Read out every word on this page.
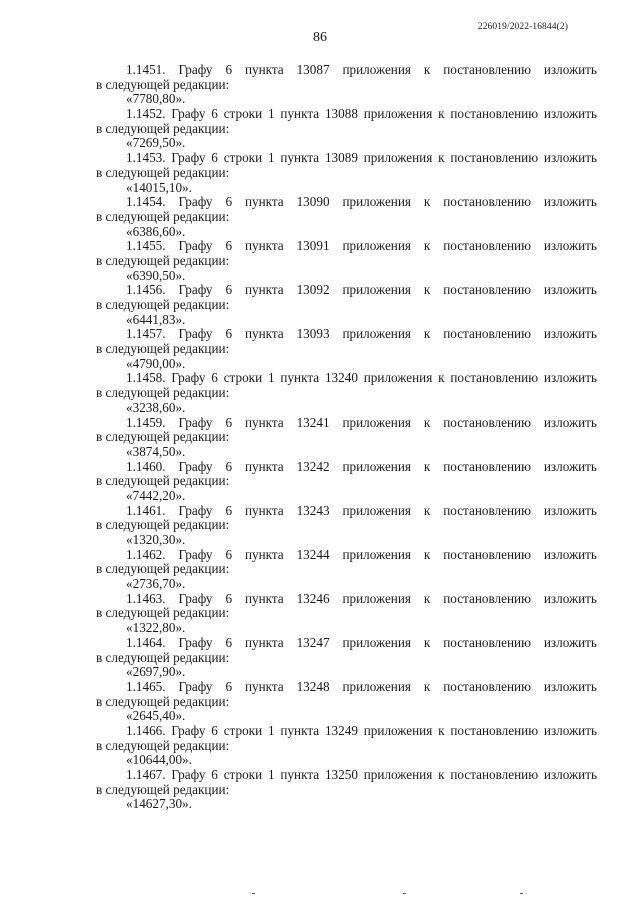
226019/2022-16844(2)
86
1.1451. Графу 6 пункта 13087 приложения к постановлению изложить
в следующей редакции:
«7780,80».
1.1452. Графу 6 строки 1 пункта 13088 приложения к постановлению изложить
в следующей редакции:
«7269,50».
1.1453. Графу 6 строки 1 пункта 13089 приложения к постановлению изложить
в следующей редакции:
«14015,10».
1.1454. Графу 6 пункта 13090 приложения к постановлению изложить
в следующей редакции:
«6386,60».
1.1455. Графу 6 пункта 13091 приложения к постановлению изложить
в следующей редакции:
«6390,50».
1.1456. Графу 6 пункта 13092 приложения к постановлению изложить
в следующей редакции:
«6441,83».
1.1457. Графу 6 пункта 13093 приложения к постановлению изложить
в следующей редакции:
«4790,00».
1.1458. Графу 6 строки 1 пункта 13240 приложения к постановлению изложить
в следующей редакции:
«3238,60».
1.1459. Графу 6 пункта 13241 приложения к постановлению изложить
в следующей редакции:
«3874,50».
1.1460. Графу 6 пункта 13242 приложения к постановлению изложить
в следующей редакции:
«7442,20».
1.1461. Графу 6 пункта 13243 приложения к постановлению изложить
в следующей редакции:
«1320,30».
1.1462. Графу 6 пункта 13244 приложения к постановлению изложить
в следующей редакции:
«2736,70».
1.1463. Графу 6 пункта 13246 приложения к постановлению изложить
в следующей редакции:
«1322,80».
1.1464. Графу 6 пункта 13247 приложения к постановлению изложить
в следующей редакции:
«2697,90».
1.1465. Графу 6 пункта 13248 приложения к постановлению изложить
в следующей редакции:
«2645,40».
1.1466. Графу 6 строки 1 пункта 13249 приложения к постановлению изложить
в следующей редакции:
«10644,00».
1.1467. Графу 6 строки 1 пункта 13250 приложения к постановлению изложить
в следующей редакции:
«14627,30».
